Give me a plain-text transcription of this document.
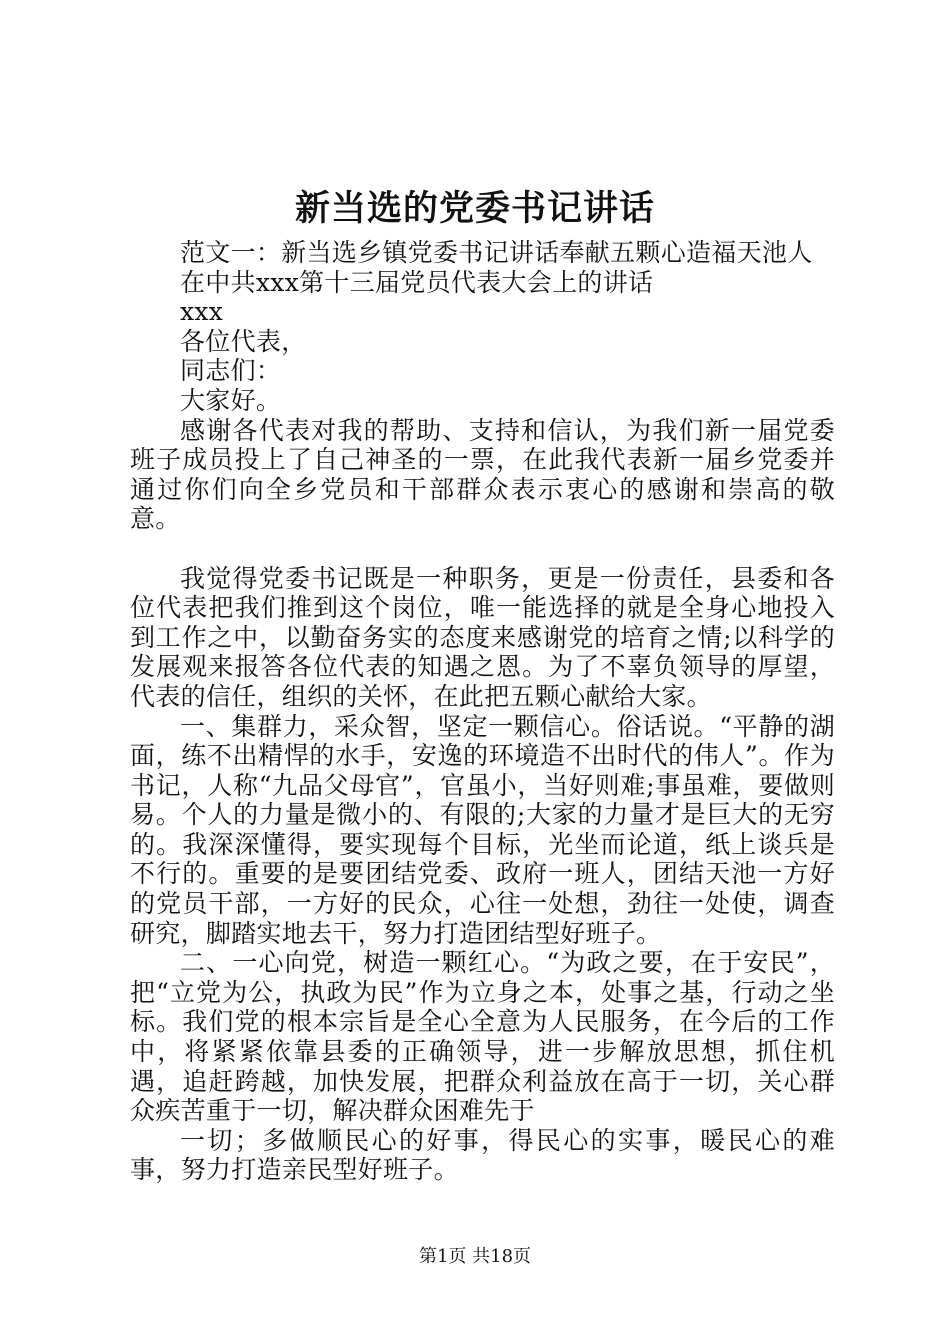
新当选的党委书记讲话
范文一：新当选乡镇党委书记讲话奉献五颗心造福天池人
在中共xxx第十三届党员代表大会上的讲话
xxx
各位代表，
同志们：
大家好。

感谢各代表对我的帮助、支持和信认，为我们新一届党委班子成员投上了自己神圣的一票，在此我代表新一届乡党委并通过你们向全乡党员和干部群众表示衷心的感谢和崇高的敬意。

我觉得党委书记既是一种职务，更是一份责任，县委和各位代表把我们推到这个岗位，唯一能选择的就是全身心地投入到工作之中，以勤奋务实的态度来感谢党的培育之情;以科学的发展观来报答各位代表的知遇之恩。为了不辜负领导的厚望，代表的信任，组织的关怀，在此把五颗心献给大家。

一、集群力，采众智，坚定一颗信心。俗话说。“平静的湖面，练不出精悍的水手，安逸的环境造不出时代的伟人”。作为书记，人称“九品父母官”，官虽小，当好则难;事虽难，要做则易。个人的力量是微小的、有限的;大家的力量才是巨大的无穷的。我深深懂得，要实现每个目标，光坐而论道，纸上谈兵是不行的。重要的是要团结党委、政府一班人，团结天池一方好的党员干部，一方好的民众，心往一处想，劲往一处使，调查研究，脚踏实地去干，努力打造团结型好班子。

二、一心向党，树造一颗红心。“为政之要，在于安民”，把“立党为公，执政为民”作为立身之本，处事之基，行动之坐标。我们党的根本宗旨是全心全意为人民服务，在今后的工作中，将紧紧依靠县委的正确领导，进一步解放思想，抓住机遇，追赶跨越，加快发展，把群众利益放在高于一切，关心群众疾苦重于一切，解决群众困难先于

一切；多做顺民心的好事，得民心的实事，暖民心的难事，努力打造亲民型好班子。

第1页 共18页
